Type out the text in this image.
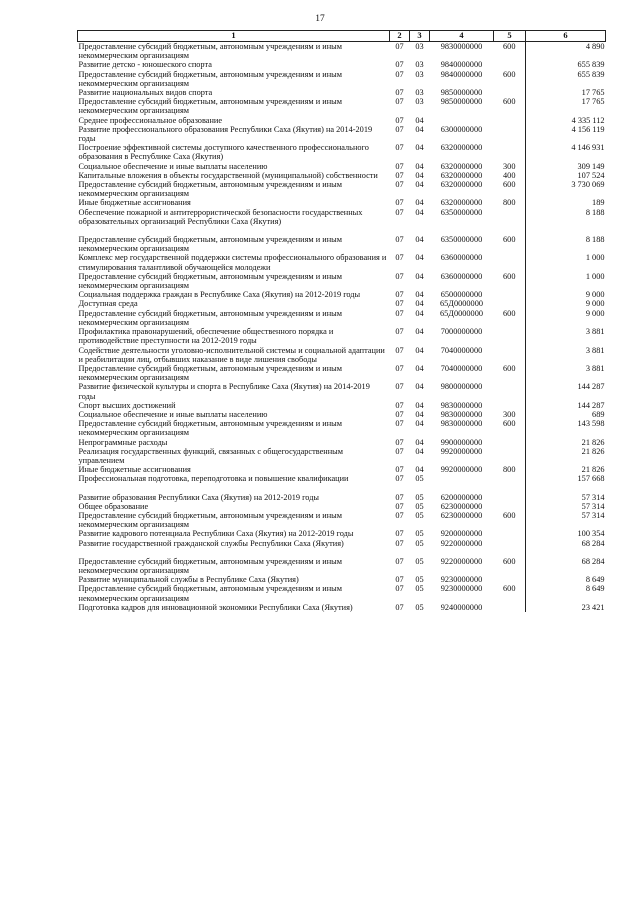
17
1	2	3	4	5	6
Предоставление субсидий бюджетным, автономным учреждениям и иным некоммерческим организациям	07	03	9830000000	600	4 890
Развитие детско - юношеского спорта	07	03	9840000000		655 839
Предоставление субсидий бюджетным, автономным учреждениям и иным некоммерческим организациям	07	03	9840000000	600	655 839
Развитие национальных видов спорта	07	03	9850000000		17 765
Предоставление субсидий бюджетным, автономным учреждениям и иным некоммерческим организациям	07	03	9850000000	600	17 765
Среднее профессиональное образование	07	04			4 335 112
Развитие профессионального образования Республики Саха (Якутия) на 2014-2019 годы	07	04	6300000000		4 156 119
Построение эффективной системы доступного качественного профессионального образования в Республике Саха (Якутия)	07	04	6320000000		4 146 931
Социальное обеспечение и иные выплаты населению	07	04	6320000000	300	309 149
Капитальные вложения в объекты государственной (муниципальной) собственности	07	04	6320000000	400	107 524
Предоставление субсидий бюджетным, автономным учреждениям и иным некоммерческим организациям	07	04	6320000000	600	3 730 069
Иные бюджетные ассигнования	07	04	6320000000	800	189
Обеспечение пожарной и антитеррористической безопасности государственных образовательных организаций Республики Саха (Якутия)	07	04	6350000000		8 188
Предоставление субсидий бюджетным, автономным учреждениям и иным некоммерческим организациям	07	04	6350000000	600	8 188
Комплекс мер государственной поддержки системы профессионального образования и стимулирования талантливой обучающейся молодежи	07	04	6360000000		1 000
Предоставление субсидий бюджетным, автономным учреждениям и иным некоммерческим организациям	07	04	6360000000	600	1 000
Социальная поддержка граждан в Республике Саха (Якутия) на 2012-2019 годы	07	04	6500000000		9 000
Доступная среда	07	04	65Д0000000		9 000
Предоставление субсидий бюджетным, автономным учреждениям и иным некоммерческим организациям	07	04	65Д0000000	600	9 000
Профилактика правонарушений, обеспечение общественного порядка и противодействие преступности на 2012-2019 годы	07	04	7000000000		3 881
Содействие деятельности уголовно-исполнительной системы и социальной адаптации и реабилитации лиц, отбывших наказание в виде лишения свободы	07	04	7040000000		3 881
Предоставление субсидий бюджетным, автономным учреждениям и иным некоммерческим организациям	07	04	7040000000	600	3 881
Развитие физической культуры и спорта в Республике Саха (Якутия) на 2014-2019 годы	07	04	9800000000		144 287
Спорт высших достижений	07	04	9830000000		144 287
Социальное обеспечение и иные выплаты населению	07	04	9830000000	300	689
Предоставление субсидий бюджетным, автономным учреждениям и иным некоммерческим организациям	07	04	9830000000	600	143 598
Непрограммные расходы	07	04	9900000000		21 826
Реализация государственных функций, связанных с общегосударственным управлением	07	04	9920000000		21 826
Иные бюджетные ассигнования	07	04	9920000000	800	21 826
Профессиональная подготовка, переподготовка и повышение квалификации	07	05			157 668
Развитие образования Республики Саха (Якутия) на 2012-2019 годы	07	05	6200000000		57 314
Общее образование	07	05	6230000000		57 314
Предоставление субсидий бюджетным, автономным учреждениям и иным некоммерческим организациям	07	05	6230000000	600	57 314
Развитие кадрового потенциала Республики Саха (Якутия) на 2012-2019 годы	07	05	9200000000		100 354
Развитие государственной гражданской службы Республики Саха (Якутия)	07	05	9220000000		68 284
Предоставление субсидий бюджетным, автономным учреждениям и иным некоммерческим организациям	07	05	9220000000	600	68 284
Развитие муниципальной службы в Республике Саха (Якутия)	07	05	9230000000		8 649
Предоставление субсидий бюджетным, автономным учреждениям и иным некоммерческим организациям	07	05	9230000000	600	8 649
Подготовка кадров для инновационной экономики Республики Саха (Якутия)	07	05	9240000000		23 421
